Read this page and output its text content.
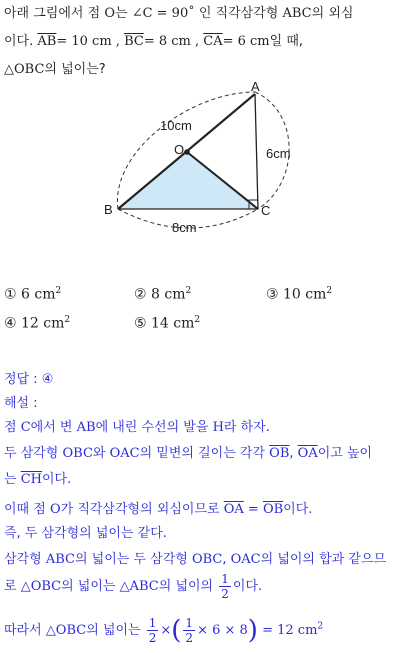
아래 그림에서 점 O는 ∠C = 90˚ 인 직각삼각형 ABC의 외심
이다. $\overline{AB}= 10$ cm , $\overline{BC}= 8$ cm , $\overline{CA}= 6$ cm일 때,
△OBC의 넓이는?
A
B	C
O
10cm
6cm
8cm
① 6 $cm^2$	② 8 $cm^2$	③ 10 $cm^2$
④ 12 $cm^2$	⑤ 14 $cm^2$
정답 : ④
해설 :
점 C에서 변 AB에 내린 수선의 발을 H라 하자.
두 삼각형 OBC와 OAC의 밑변의 길이는 각각 $\overline{OB}$, $\overline{OA}$이고 높이
는 $\overline{CH}$이다.
이때 점 O가 직각삼각형의 외심이므로 $\overline{OA} = \overline{OB}$이다.
즉, 두 삼각형의 넓이는 같다.
삼각형 ABC의 넓이는 두 삼각형 OBC, OAC의 넓이의 합과 같으므
로 △OBC의 넓이는 △ABC의 넓이의 $\frac{1}{2}$ 이다.
따라서 △OBC의 넓이는 $\frac{1}{2}$ ×( $\frac{1}{2} \times 6 \times 8) = 12$ $cm^2$
